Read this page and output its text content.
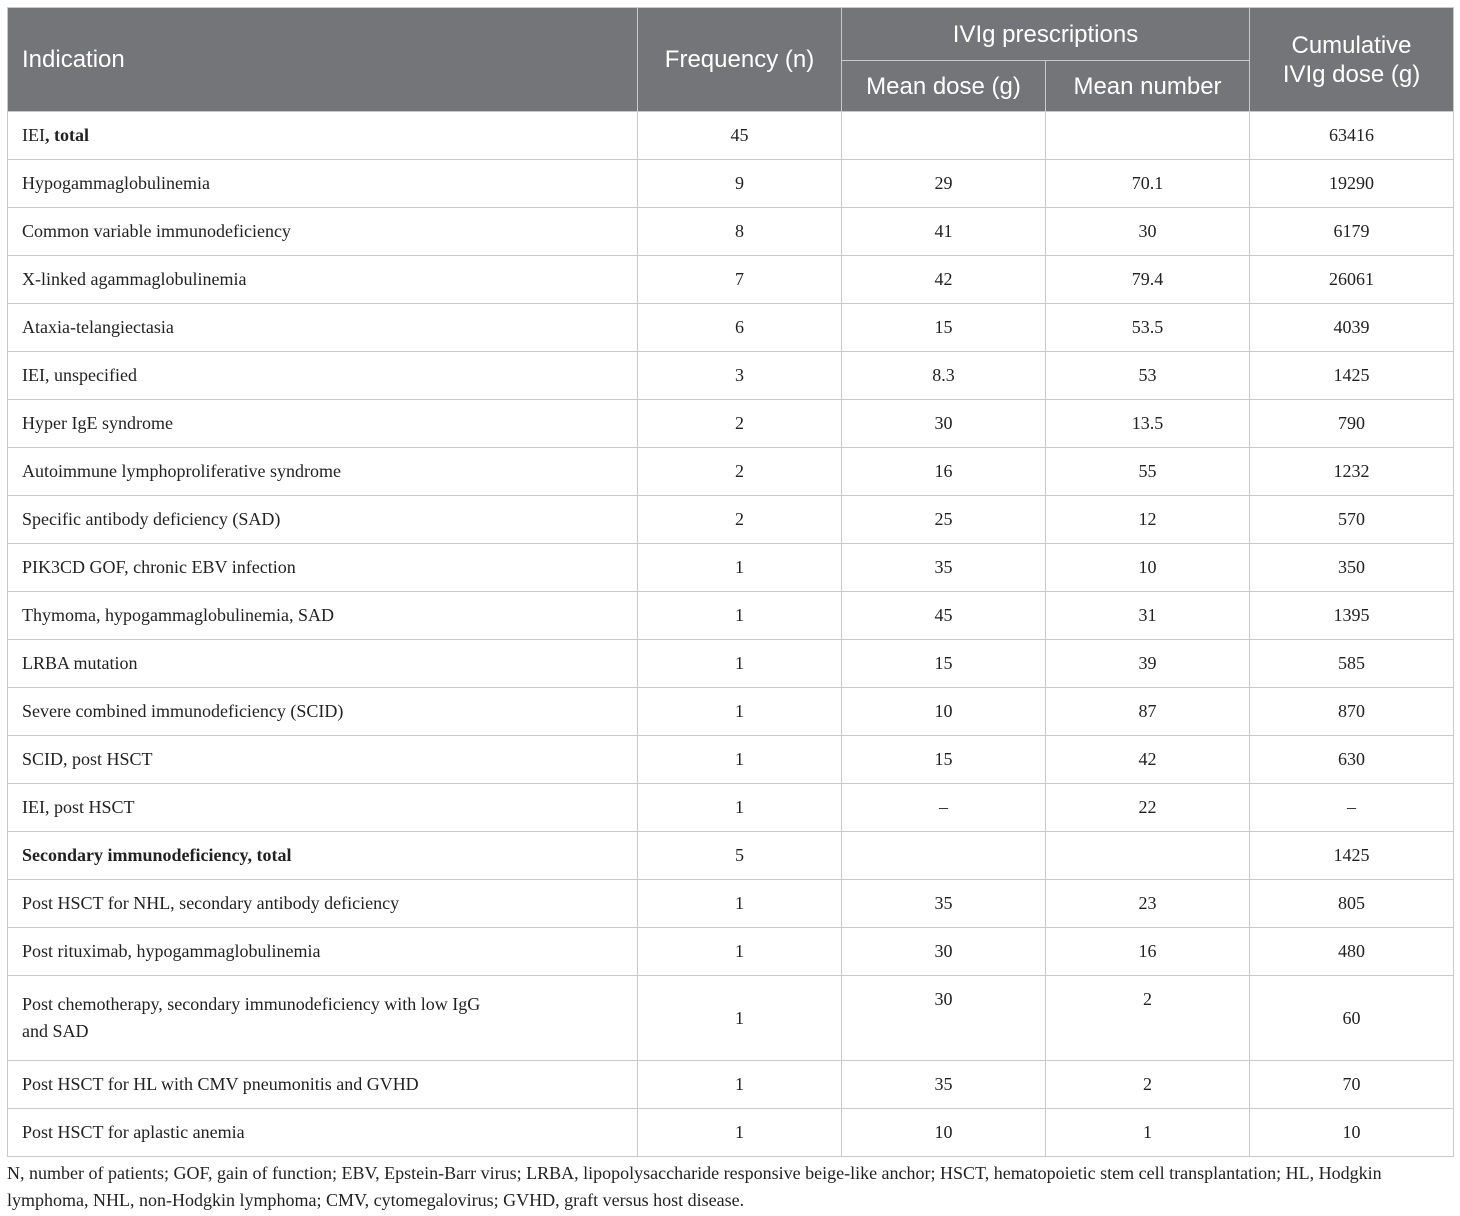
Indication	Frequency (n)	IVIg prescriptions		Cumulative
IVIg dose (g)
		Mean dose (g)	Mean number	
IEI, total	45			63416
Hypogammaglobulinemia	9	29	70.1	19290
Common variable immunodeficiency	8	41	30	6179
X-linked agammaglobulinemia	7	42	79.4	26061
Ataxia-telangiectasia	6	15	53.5	4039
IEI, unspecified	3	8.3	53	1425
Hyper IgE syndrome	2	30	13.5	790
Autoimmune lymphoproliferative syndrome	2	16	55	1232
Specific antibody deficiency (SAD)	2	25	12	570
PIK3CD GOF, chronic EBV infection	1	35	10	350
Thymoma, hypogammaglobulinemia, SAD	1	45	31	1395
LRBA mutation	1	15	39	585
Severe combined immunodeficiency (SCID)	1	10	87	870
SCID, post HSCT	1	15	42	630
IEI, post HSCT	1	–	22	–
Secondary immunodeficiency, total	5			1425
Post HSCT for NHL, secondary antibody deficiency	1	35	23	805
Post rituximab, hypogammaglobulinemia	1	30	16	480
Post chemotherapy, secondary immunodeficiency with low IgG
and SAD	1	30	2	60
Post HSCT for HL with CMV pneumonitis and GVHD	1	35	2	70
Post HSCT for aplastic anemia	1	10	1	10
N, number of patients; GOF, gain of function; EBV, Epstein-Barr virus; LRBA, lipopolysaccharide responsive beige-like anchor; HSCT, hematopoietic stem cell transplantation; HL, Hodgkin
lymphoma, NHL, non-Hodgkin lymphoma; CMV, cytomegalovirus; GVHD, graft versus host disease.
